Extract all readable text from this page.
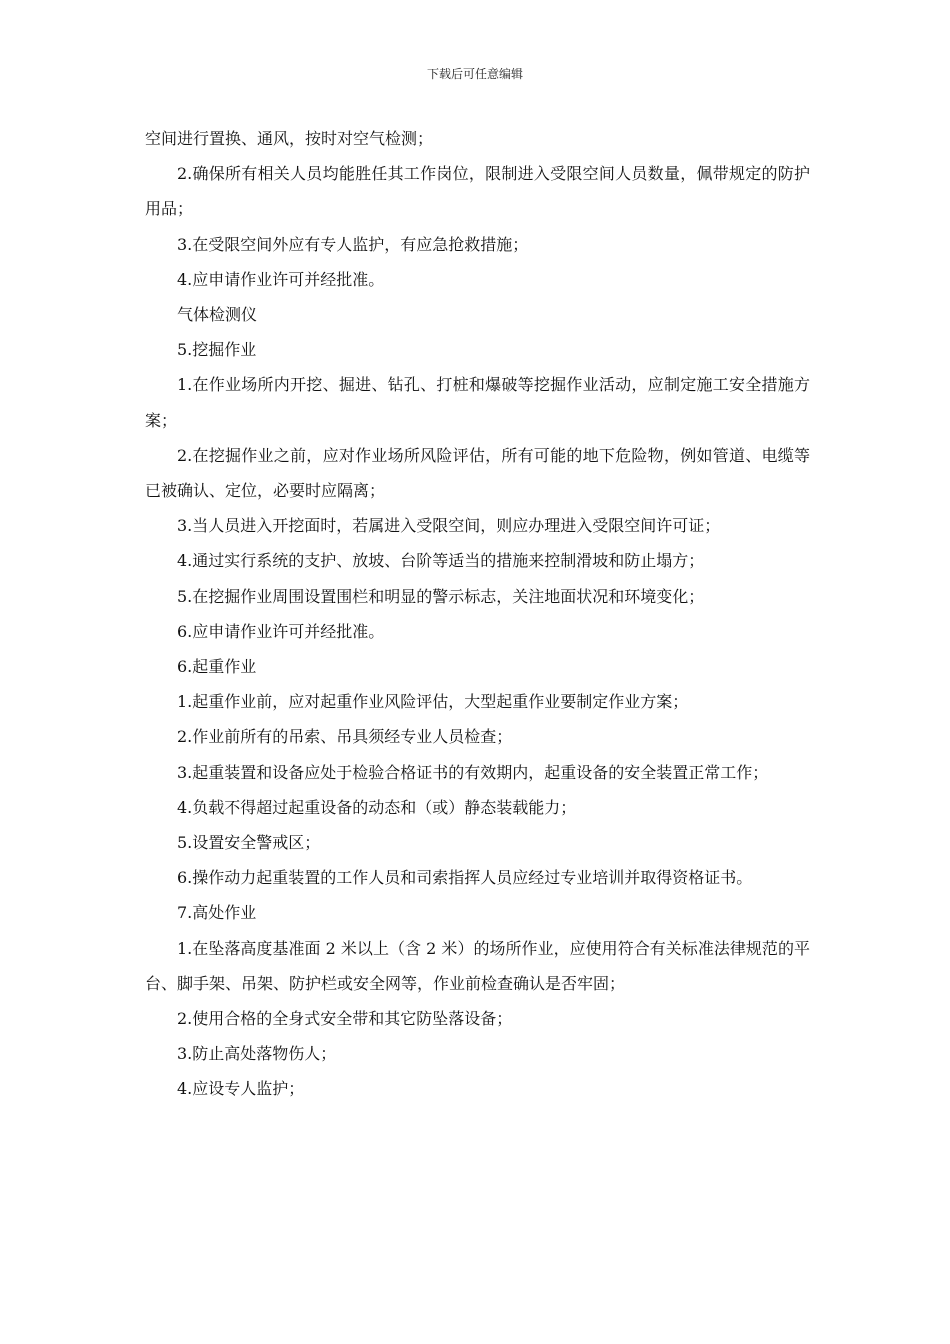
下载后可任意编辑

空间进行置换、通风，按时对空气检测；

2.确保所有相关人员均能胜任其工作岗位，限制进入受限空间人员数量，佩带规定的防护用品；

3.在受限空间外应有专人监护，有应急抢救措施；

4.应申请作业许可并经批准。

气体检测仪

5.挖掘作业

1.在作业场所内开挖、掘进、钻孔、打桩和爆破等挖掘作业活动，应制定施工安全措施方案；

2.在挖掘作业之前，应对作业场所风险评估，所有可能的地下危险物，例如管道、电缆等已被确认、定位，必要时应隔离；

3.当人员进入开挖面时，若属进入受限空间，则应办理进入受限空间许可证；

4.通过实行系统的支护、放坡、台阶等适当的措施来控制滑坡和防止塌方；

5.在挖掘作业周围设置围栏和明显的警示标志，关注地面状况和环境变化；

6.应申请作业许可并经批准。

6.起重作业

1.起重作业前，应对起重作业风险评估，大型起重作业要制定作业方案；

2.作业前所有的吊索、吊具须经专业人员检查；

3.起重装置和设备应处于检验合格证书的有效期内，起重设备的安全装置正常工作；

4.负载不得超过起重设备的动态和（或）静态装载能力；

5.设置安全警戒区；

6.操作动力起重装置的工作人员和司索指挥人员应经过专业培训并取得资格证书。

7.高处作业

1.在坠落高度基准面 2 米以上（含 2 米）的场所作业，应使用符合有关标准法律规范的平台、脚手架、吊架、防护栏或安全网等，作业前检查确认是否牢固；

2.使用合格的全身式安全带和其它防坠落设备；

3.防止高处落物伤人；

4.应设专人监护；
